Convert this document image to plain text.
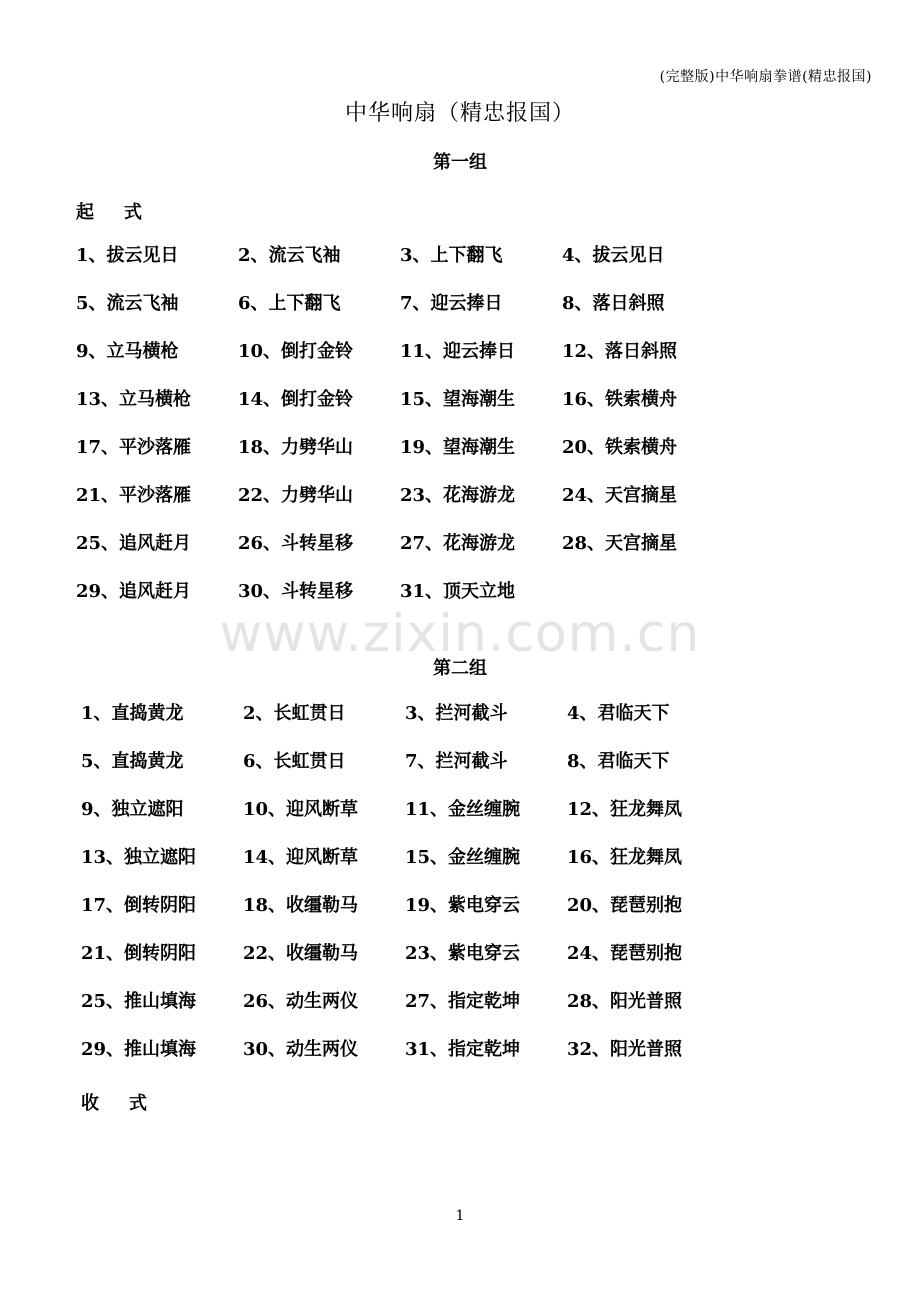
(完整版)中华响扇拳谱(精忠报国)
中华响扇（精忠报国）
第一组
起式
1、拔云见日	2、流云飞袖	3、上下翻飞	4、拔云见日
5、流云飞袖	6、上下翻飞	7、迎云捧日	8、落日斜照
9、立马横枪	10、倒打金铃	11、迎云捧日	12、落日斜照
13、立马横枪	14、倒打金铃	15、望海潮生	16、铁索横舟
17、平沙落雁	18、力劈华山	19、望海潮生	20、铁索横舟
21、平沙落雁	22、力劈华山	23、花海游龙	24、天宫摘星
25、追风赶月	26、斗转星移	27、花海游龙	28、天宫摘星
29、追风赶月	30、斗转星移	31、顶天立地
www.zixin.com.cn
第二组
1、直捣黄龙	2、长虹贯日	3、拦河截斗	4、君临天下
5、直捣黄龙	6、长虹贯日	7、拦河截斗	8、君临天下
9、独立遮阳	10、迎风断草	11、金丝缠腕	12、狂龙舞凤
13、独立遮阳	14、迎风断草	15、金丝缠腕	16、狂龙舞凤
17、倒转阴阳	18、收缰勒马	19、紫电穿云	20、琵琶别抱
21、倒转阴阳	22、收缰勒马	23、紫电穿云	24、琵琶别抱
25、推山填海	26、动生两仪	27、指定乾坤	28、阳光普照
29、推山填海	30、动生两仪	31、指定乾坤	32、阳光普照
收式
1
